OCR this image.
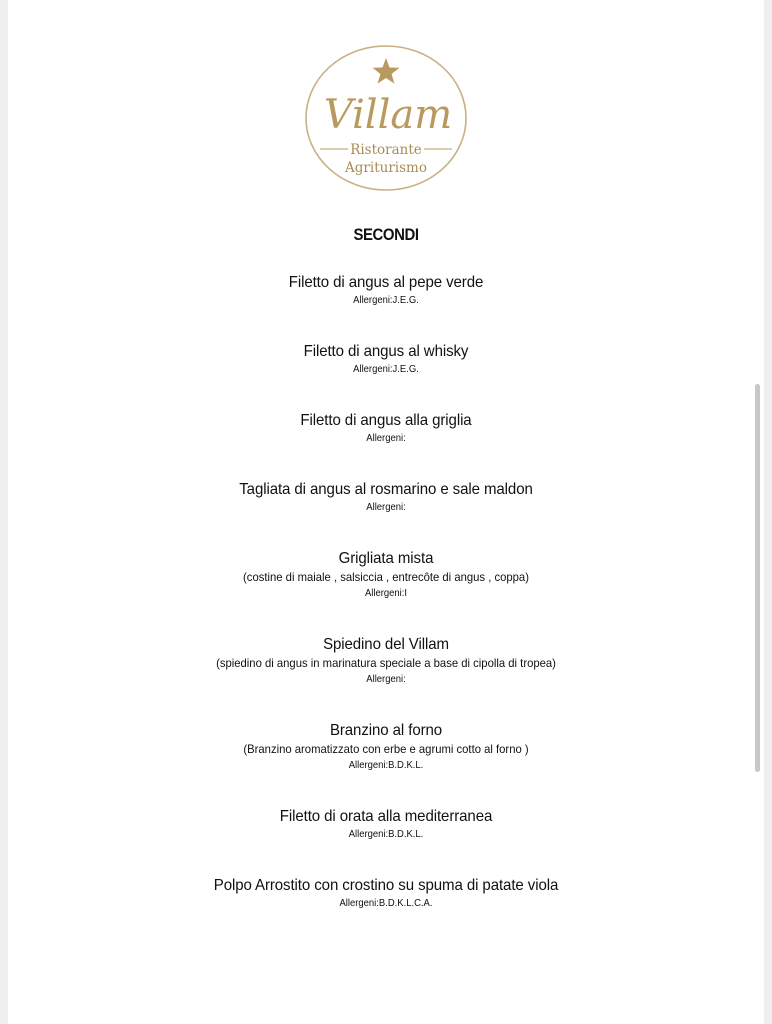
Villam
Ristorante
Agriturismo
SECONDI
Filetto di angus al pepe verde
Allergeni:J.E.G.
Filetto di angus al whisky
Allergeni:J.E.G.
Filetto di angus alla griglia
Allergeni:
Tagliata di angus al rosmarino e sale maldon
Allergeni:
Grigliata mista
(costine di maiale , salsiccia , entrecôte di angus , coppa)
Allergeni:I
Spiedino del Villam
(spiedino di angus in marinatura speciale a base di cipolla di tropea)
Allergeni:
Branzino al forno
(Branzino aromatizzato con erbe e agrumi cotto al forno )
Allergeni:B.D.K.L.
Filetto di orata alla mediterranea
Allergeni:B.D.K.L.
Polpo Arrostito con crostino su spuma di patate viola
Allergeni:B.D.K.L.C.A.
